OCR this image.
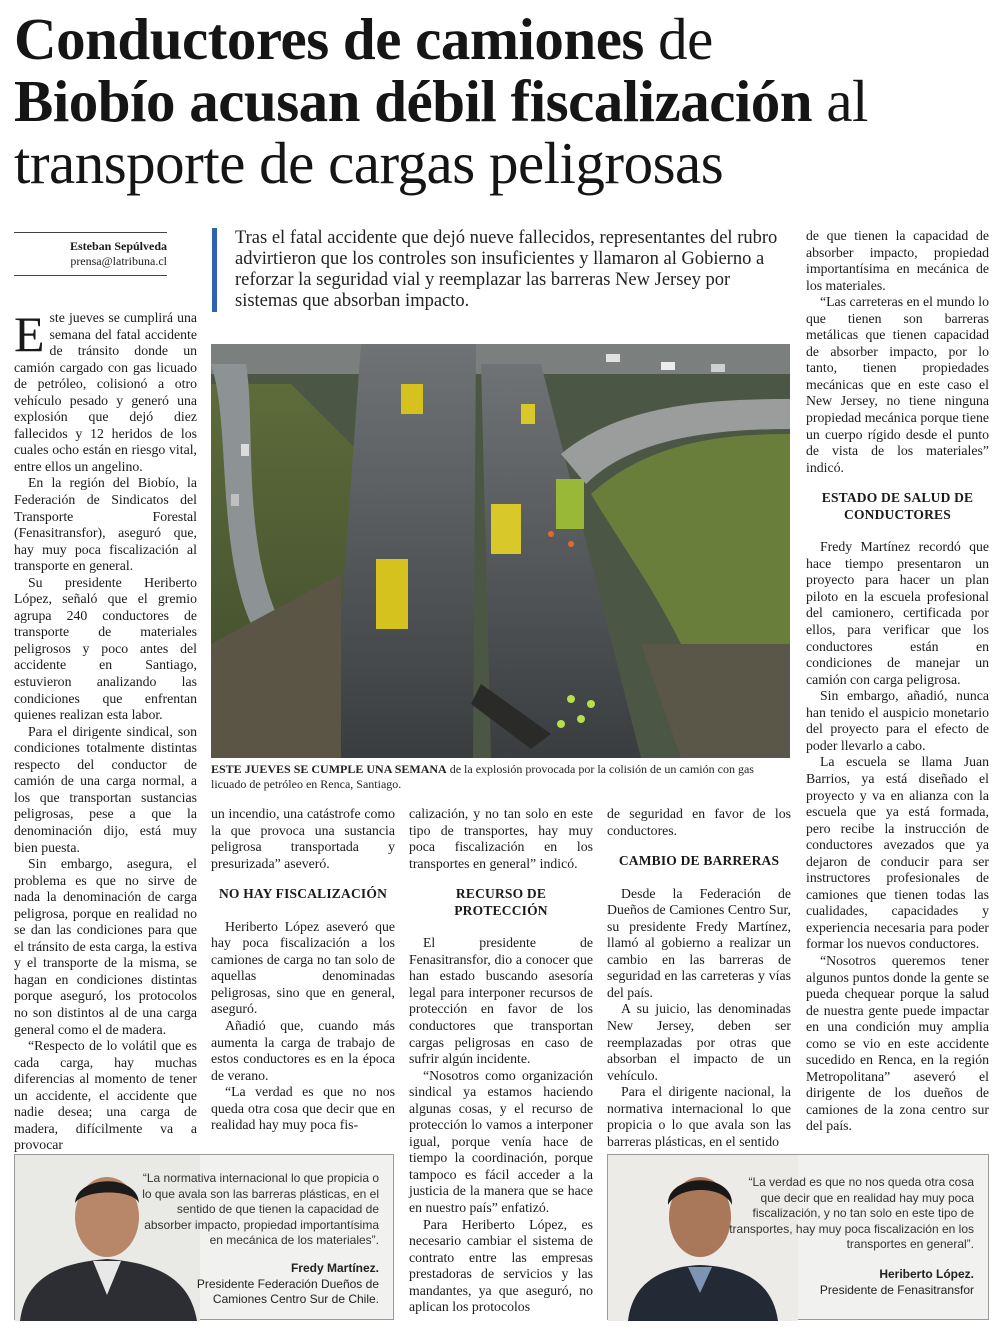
Conductores de camiones de
Biobío acusan débil fiscalización al
transporte de cargas peligrosas
Esteban Sepúlveda
prensa@latribuna.cl
Tras el fatal accidente que dejó nueve fallecidos, representantes del rubro advirtieron que los controles son insuficientes y llamaron al Gobierno a reforzar la seguridad vial y reemplazar las barreras New Jersey por sistemas que absorban impacto.

Este jueves se cumplirá una semana del fatal accidente de tránsito donde un camión cargado con gas licuado de petróleo, colisionó a otro vehículo pesado y generó una explosión que dejó diez fallecidos y 12 heridos de los cuales ocho están en riesgo vital, entre ellos un angelino.

En la región del Biobío, la Federación de Sindicatos del Transporte Forestal (Fenasitransfor), aseguró que, hay muy poca fiscalización al transporte en general.

Su presidente Heriberto López, señaló que el gremio agrupa 240 conductores de transporte de materiales peligrosos y poco antes del accidente en Santiago, estuvieron analizando las condiciones que enfrentan quienes realizan esta labor.

Para el dirigente sindical, son condiciones totalmente distintas respecto del conductor de camión de una carga normal, a los que transportan sustancias peligrosas, pese a que la denominación dijo, está muy bien puesta.

Sin embargo, asegura, el problema es que no sirve de nada la denominación de carga peligrosa, porque en realidad no se dan las condiciones para que el tránsito de esta carga, la estiva y el transporte de la misma, se hagan en condiciones distintas porque aseguró, los protocolos no son distintos al de una carga general como el de madera.

“Respecto de lo volátil que es cada carga, hay muchas diferencias al momento de tener un accidente, el accidente que nadie desea; una carga de madera, difícilmente va a provocar

ESTE JUEVES SE CUMPLE UNA SEMANA de la explosión provocada por la colisión de un camión con gas licuado de petróleo en Renca, Santiago.

un incendio, una catástrofe como la que provoca una sustancia peligrosa transportada y presurizada” aseveró.

NO HAY FISCALIZACIÓN

Heriberto López aseveró que hay poca fiscalización a los camiones de carga no tan solo de aquellas denominadas peligrosas, sino que en general, aseguró.

Añadió que, cuando más aumenta la carga de trabajo de estos conductores es en la época de verano.

“La verdad es que no nos queda otra cosa que decir que en realidad hay muy poca fis-

calización, y no tan solo en este tipo de transportes, hay muy poca fiscalización en los transportes en general” indicó.

RECURSO DE PROTECCIÓN

El presidente de Fenasitransfor, dio a conocer que han estado buscando asesoría legal para interponer recursos de protección en favor de los conductores que transportan cargas peligrosas en caso de sufrir algún incidente.

“Nosotros como organización sindical ya estamos haciendo algunas cosas, y el recurso de protección lo vamos a interponer igual, porque venía hace de tiempo la coordinación, porque tampoco es fácil acceder a la justicia de la manera que se hace en nuestro país” enfatizó.

Para Heriberto López, es necesario cambiar el sistema de contrato entre las empresas prestadoras de servicios y las mandantes, ya que aseguró, no aplican los protocolos

de seguridad en favor de los conductores.

CAMBIO DE BARRERAS

Desde la Federación de Dueños de Camiones Centro Sur, su presidente Fredy Martínez, llamó al gobierno a realizar un cambio en las barreras de seguridad en las carreteras y vías del país.

A su juicio, las denominadas New Jersey, deben ser reemplazadas por otras que absorban el impacto de un vehículo.

Para el dirigente nacional, la normativa internacional lo que propicia o lo que avala son las barreras plásticas, en el sentido

de que tienen la capacidad de absorber impacto, propiedad importantísima en mecánica de los materiales.

“Las carreteras en el mundo lo que tienen son barreras metálicas que tienen capacidad de absorber impacto, por lo tanto, tienen propiedades mecánicas que en este caso el New Jersey, no tiene ninguna propiedad mecánica porque tiene un cuerpo rígido desde el punto de vista de los materiales” indicó.

ESTADO DE SALUD DE CONDUCTORES

Fredy Martínez recordó que hace tiempo presentaron un proyecto para hacer un plan piloto en la escuela profesional del camionero, certificada por ellos, para verificar que los conductores están en condiciones de manejar un camión con carga peligrosa.

Sin embargo, añadió, nunca han tenido el auspicio monetario del proyecto para el efecto de poder llevarlo a cabo.

La escuela se llama Juan Barrios, ya está diseñado el proyecto y va en alianza con la escuela que ya está formada, pero recibe la instrucción de conductores avezados que ya dejaron de conducir para ser instructores profesionales de camiones que tienen todas las cualidades, capacidades y experiencia necesaria para poder formar los nuevos conductores.

“Nosotros queremos tener algunos puntos donde la gente se pueda chequear porque la salud de nuestra gente puede impactar en una condición muy amplia como se vio en este accidente sucedido en Renca, en la región Metropolitana” aseveró el dirigente de los dueños de camiones de la zona centro sur del país.

“La normativa internacional lo que propicia o lo que avala son las barreras plásticas, en el sentido de que tienen la capacidad de absorber impacto, propiedad importantísima en mecánica de los materiales”.
Fredy Martínez.
Presidente Federación Dueños de Camiones Centro Sur de Chile.
“La verdad es que no nos queda otra cosa que decir que en realidad hay muy poca fiscalización, y no tan solo en este tipo de transportes, hay muy poca fiscalización en los transportes en general”.
Heriberto López.
Presidente de Fenasitransfor
